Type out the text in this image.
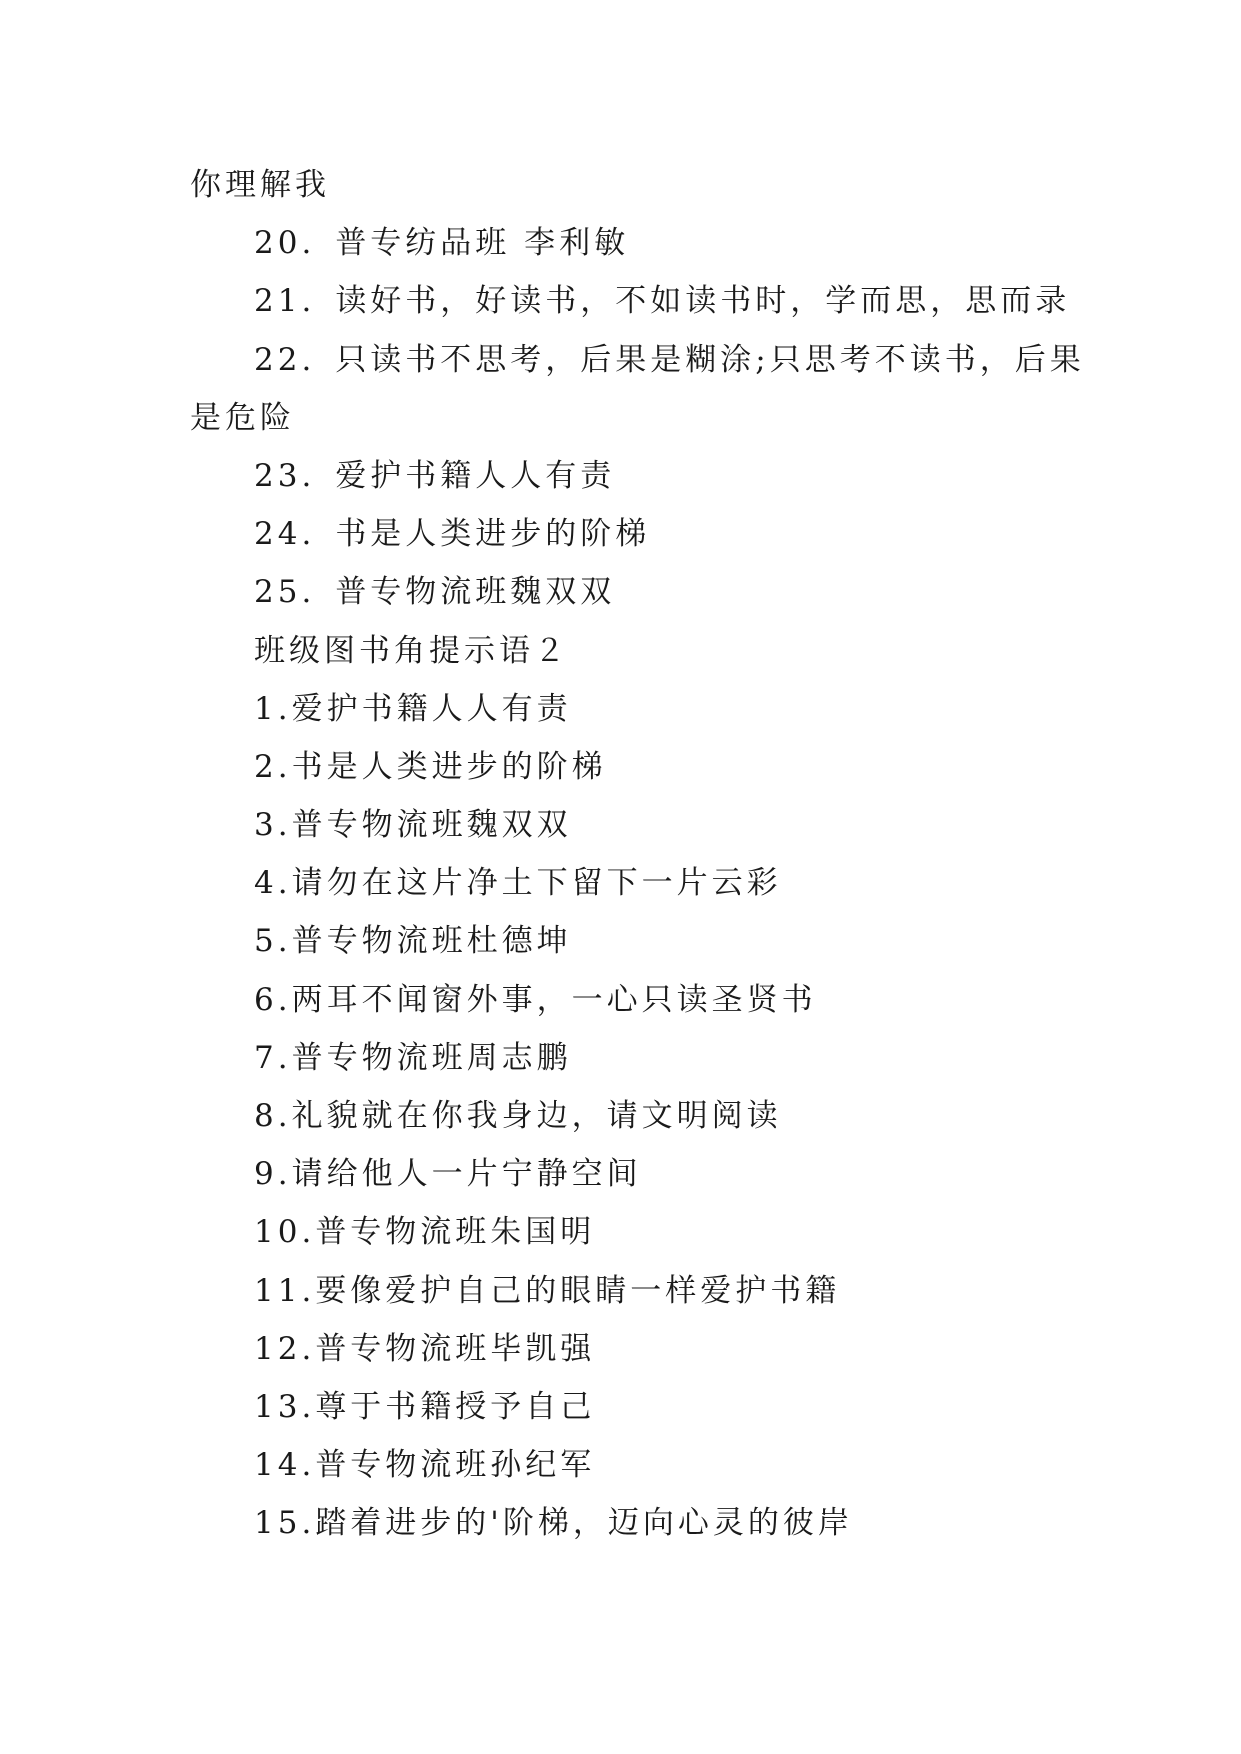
你理解我
20. 普专纺品班 李利敏
21. 读好书，好读书，不如读书时，学而思，思而录
22. 只读书不思考，后果是糊涂;只思考不读书，后果
是危险
23. 爱护书籍人人有责
24. 书是人类进步的阶梯
25. 普专物流班魏双双
班级图书角提示语２
1.爱护书籍人人有责
2.书是人类进步的阶梯
3.普专物流班魏双双
4.请勿在这片净土下留下一片云彩
5.普专物流班杜德坤
6.两耳不闻窗外事，一心只读圣贤书
7.普专物流班周志鹏
8.礼貌就在你我身边，请文明阅读
9.请给他人一片宁静空间
10.普专物流班朱国明
11.要像爱护自己的眼睛一样爱护书籍
12.普专物流班毕凯强
13.尊于书籍授予自己
14.普专物流班孙纪军
15.踏着进步的'阶梯，迈向心灵的彼岸
